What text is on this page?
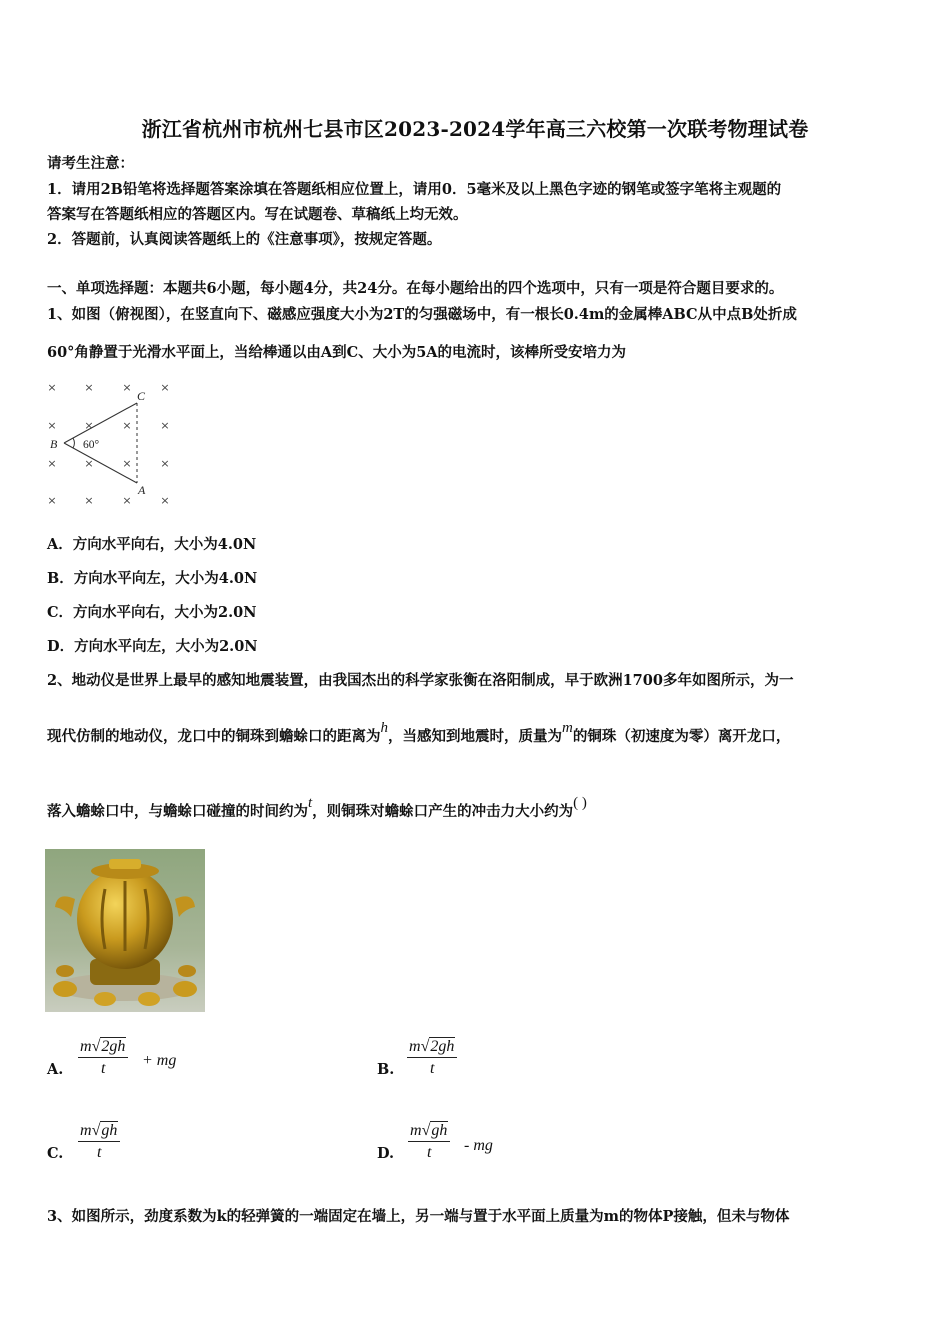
浙江省杭州市杭州七县市区2023-2024学年高三六校第一次联考物理试卷
请考生注意：
1．请用2B铅笔将选择题答案涂填在答题纸相应位置上，请用0．5毫米及以上黑色字迹的钢笔或签字笔将主观题的
答案写在答题纸相应的答题区内。写在试题卷、草稿纸上均无效。
2．答题前，认真阅读答题纸上的《注意事项》，按规定答题。
一、单项选择题：本题共6小题，每小题4分，共24分。在每小题给出的四个选项中，只有一项是符合题目要求的。
1、如图（俯视图），在竖直向下、磁感应强度大小为2T的匀强磁场中，有一根长0.4m的金属棒ABC从中点B处折成
60°角静置于光滑水平面上，当给棒通以由A到C、大小为5A的电流时，该棒所受安培力为
×	×	×	×
×	×	×	×
×	×	×	×
×	×	×	×
B
C
A
60°
A．方向水平向右，大小为4.0N
B．方向水平向左，大小为4.0N
C．方向水平向右，大小为2.0N
D．方向水平向左，大小为2.0N
2、地动仪是世界上最早的感知地震装置，由我国杰出的科学家张衡在洛阳制成，早于欧洲1700多年如图所示，为一
现代仿制的地动仪，龙口中的铜珠到蟾蜍口的距离为h，当感知到地震时，质量为m的铜珠（初速度为零）离开龙口，
落入蟾蜍口中，与蟾蜍口碰撞的时间约为t，则铜珠对蟾蜍口产生的冲击力大小约为( )
A. $\frac{m√2gh}{t}$ + mg
B. $\frac{m√2gh}{t}$
C. $\frac{m√gh}{t}$	D. $\frac{m√gh}{t}$ - mg
3、如图所示，劲度系数为k的轻弹簧的一端固定在墙上，另一端与置于水平面上质量为m的物体P接触，但未与物体
